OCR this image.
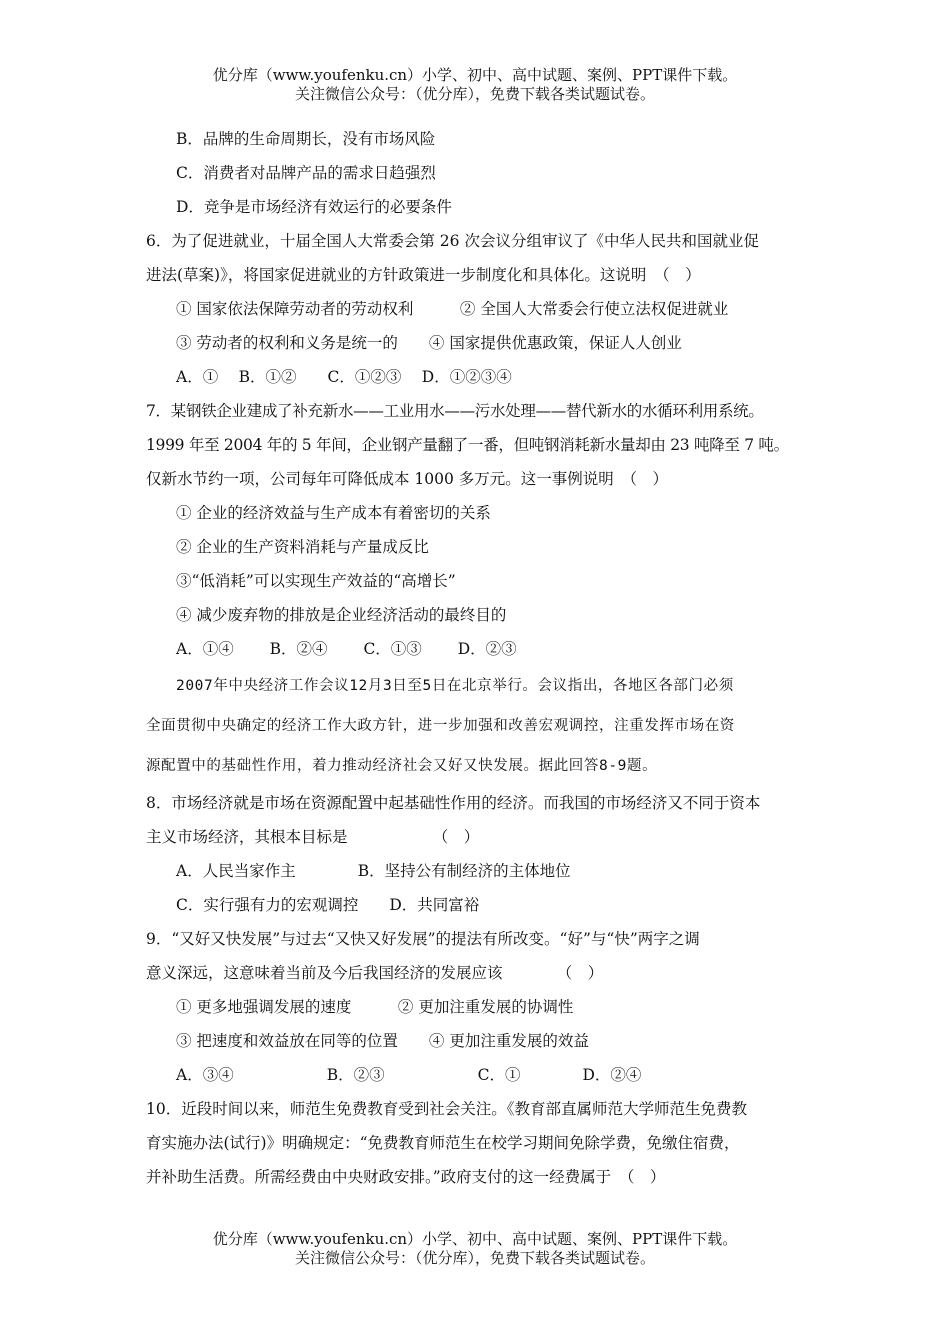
优分库（www.youfenku.cn）小学、初中、高中试题、案例、PPT课件下载。
关注微信公众号：（优分库），免费下载各类试题试卷。
B．品牌的生命周期长，没有市场风险
C．消费者对品牌产品的需求日趋强烈
D．竞争是市场经济有效运行的必要条件
6．为了促进就业，十届全国人大常委会第 26 次会议分组审议了《中华人民共和国就业促
进法(草案)》，将国家促进就业的方针政策进一步制度化和具体化。这说明　（　）
① 国家依法保障劳动者的劳动权利　　　② 全国人大常委会行使立法权促进就业
③ 劳动者的权利和义务是统一的　　④ 国家提供优惠政策，保证人人创业
A．①　 B．①②　　C．①②③　 D．①②③④
7．某钢铁企业建成了补充新水——工业用水——污水处理——替代新水的水循环利用系统。
1999 年至 2004 年的 5 年间，企业钢产量翻了一番，但吨钢消耗新水量却由 23 吨降至 7 吨。
仅新水节约一项，公司每年可降低成本 1000 多万元。这一事例说明　（　）
① 企业的经济效益与生产成本有着密切的关系
② 企业的生产资料消耗与产量成反比
③“低消耗”可以实现生产效益的“高增长”
④ 减少废弃物的排放是企业经济活动的最终目的
A．①④　　 B．②④　　 C．①③　　 D．②③
2007年中央经济工作会议12月3日至5日在北京举行。会议指出，各地区各部门必须
全面贯彻中央确定的经济工作大政方针，进一步加强和改善宏观调控，注重发挥市场在资
源配置中的基础性作用，着力推动经济社会又好又快发展。据此回答8-9题。
8．市场经济就是市场在资源配置中起基础性作用的经济。而我国的市场经济又不同于资本
主义市场经济，其根本目标是　　　　　　（　）
A．人民当家作主　　　　B．坚持公有制经济的主体地位
C．实行强有力的宏观调控　　D．共同富裕
9．“又好又快发展”与过去“又快又好发展”的提法有所改变。“好”与“快”两字之调
意义深远，这意味着当前及今后我国经济的发展应该　　　　（　）
① 更多地强调发展的速度　　　② 更加注重发展的协调性
③ 把速度和效益放在同等的位置　　④ 更加注重发展的效益
A．③④　　　　　　B．②③　　　　　　C．①　　　　D．②④
10．近段时间以来，师范生免费教育受到社会关注。《教育部直属师范大学师范生免费教
育实施办法(试行)》明确规定：“免费教育师范生在校学习期间免除学费，免缴住宿费，
并补助生活费。所需经费由中央财政安排。”政府支付的这一经费属于　（　）
优分库（www.youfenku.cn）小学、初中、高中试题、案例、PPT课件下载。
关注微信公众号：（优分库），免费下载各类试题试卷。
